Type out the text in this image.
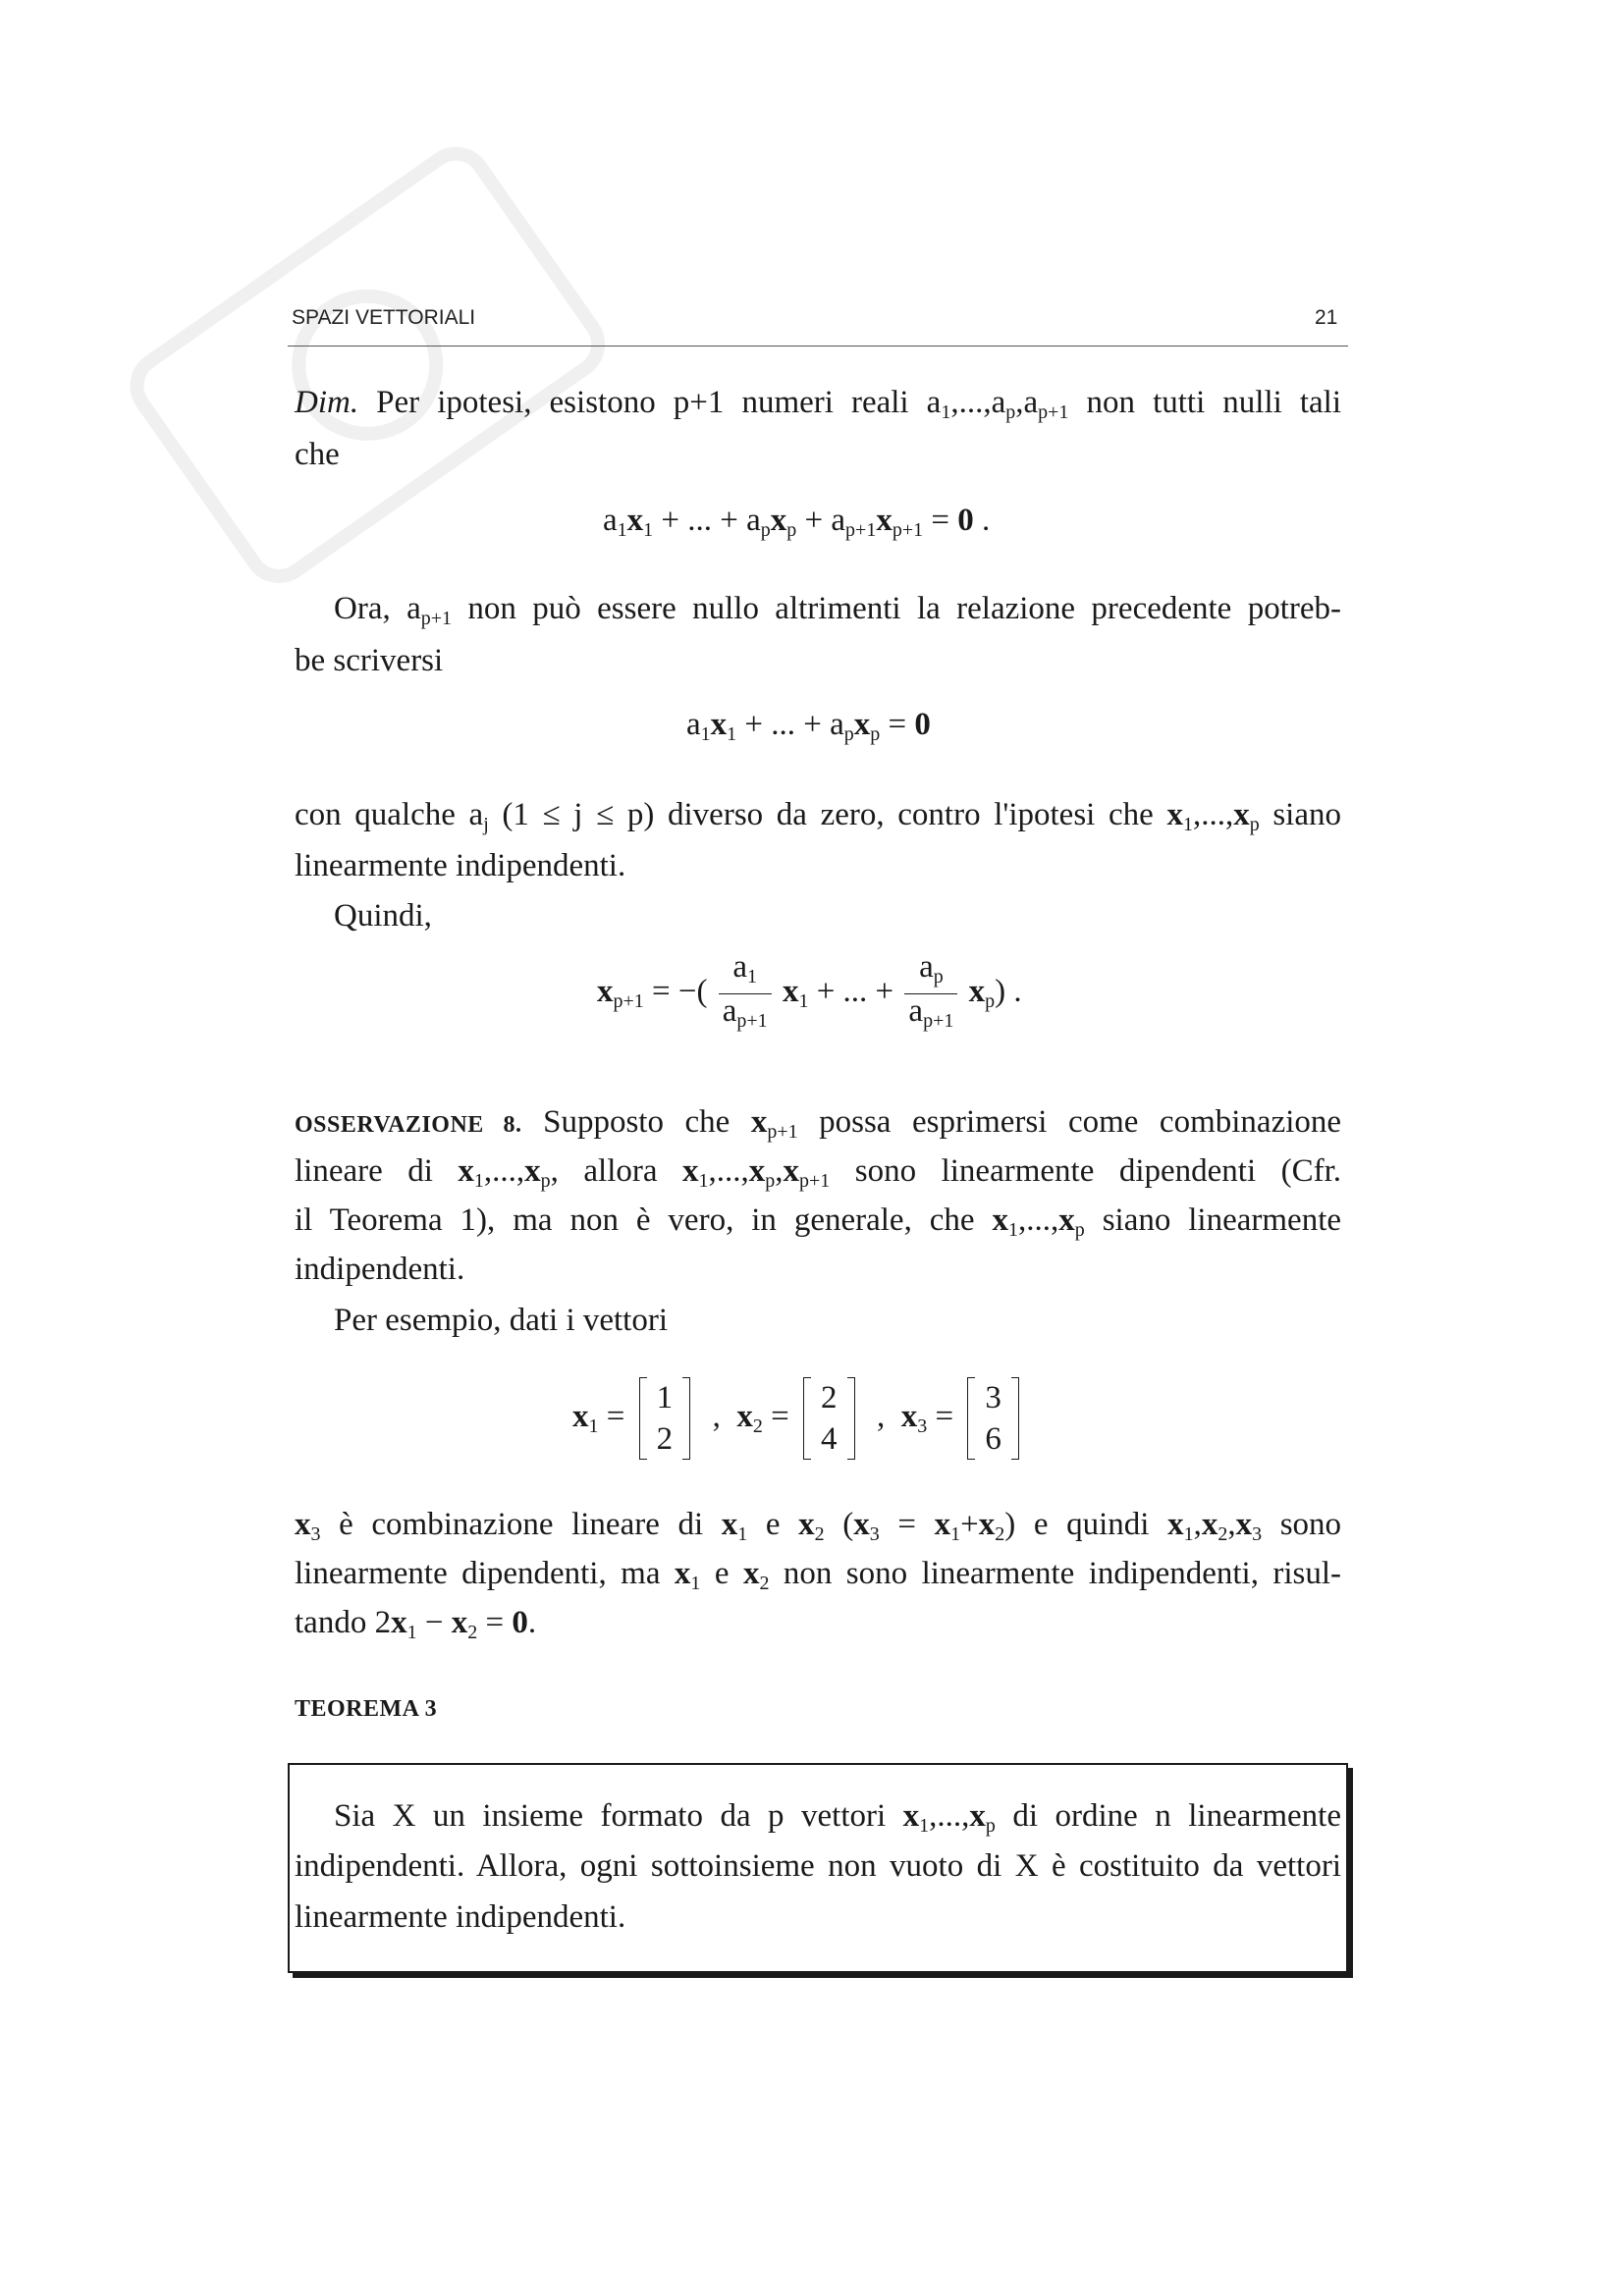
SPAZI VETTORIALI	21
Dim. Per ipotesi, esistono p+1 numeri reali $a_1,...,a_p,a_{p+1}$ non tutti nulli tali
che
$a_1x_1$ + ... + $a_px_p + a_{p+1}x_{p+1} = 0$ .
Ora, $a_{p+1}$ non può essere nullo altrimenti la relazione precedente potreb-
be scriversi
$a_1x_1$ + ... + $a_px_p = 0$
con qualche $a_j$ (1 ≤ j ≤ p) diverso da zero, contro l'ipotesi che $x_1,...,x_p$ siano
linearmente indipendenti.
Quindi,
$x_{p+1}$ = −( $\frac{a_1}{a_{p+1}} x_1$ + ... + $\frac{a_p}{a_{p+1}} x_p$) .
OSSERVAZIONE 8. Supposto che $x_{p+1}$ possa esprimersi come combinazione
lineare di $x_1,...,x_p$, allora $x_1,...,x_p,x_{p+1}$ sono linearmente dipendenti (Cfr.
il Teorema 1), ma non è vero, in generale, che $x_1,...,x_p$ siano linearmente
indipendenti.
Per esempio, dati i vettori
$x_1$ =
1
2
,  $x_2$ =
2
4
,  $x_3$ =
3
6
$x_3$ è combinazione lineare di $x_1$ e $x_2$ $(x_3 = x_1+x_2)$ e quindi $x_1,x_2,x_3$ sono
linearmente dipendenti, ma $x_1$ e $x_2$ non sono linearmente indipendenti, risul-
tando $2x_1 - x_2 = 0$.
TEOREMA 3
Sia X un insieme formato da p vettori $x_1,...,x_p$ di ordine n linearmente
indipendenti. Allora, ogni sottoinsieme non vuoto di X è costituito da vettori
linearmente indipendenti.
